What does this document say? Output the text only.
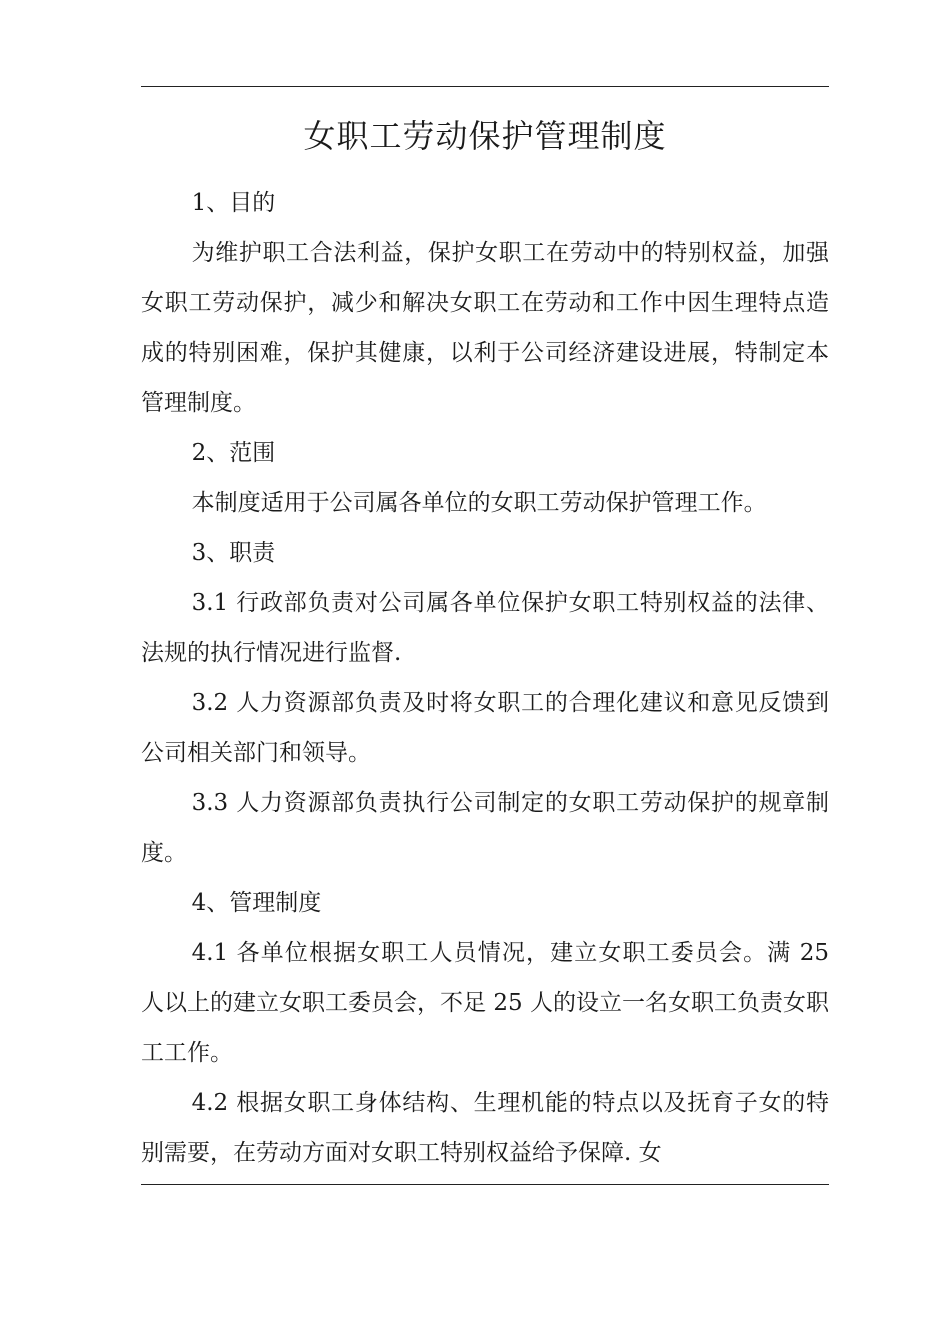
女职工劳动保护管理制度

1、目的

为维护职工合法利益，保护女职工在劳动中的特别权益，加强女职工劳动保护，减少和解决女职工在劳动和工作中因生理特点造成的特别困难，保护其健康，以利于公司经济建设进展，特制定本管理制度。

2、范围

本制度适用于公司属各单位的女职工劳动保护管理工作。

3、职责

3.1 行政部负责对公司属各单位保护女职工特别权益的法律、法规的执行情况进行监督.

3.2 人力资源部负责及时将女职工的合理化建议和意见反馈到公司相关部门和领导。

3.3 人力资源部负责执行公司制定的女职工劳动保护的规章制度。

4、管理制度

4.1 各单位根据女职工人员情况，建立女职工委员会。满 25 人以上的建立女职工委员会，不足 25 人的设立一名女职工负责女职工工作。

4.2 根据女职工身体结构、生理机能的特点以及抚育子女的特别需要，在劳动方面对女职工特别权益给予保障. 女
